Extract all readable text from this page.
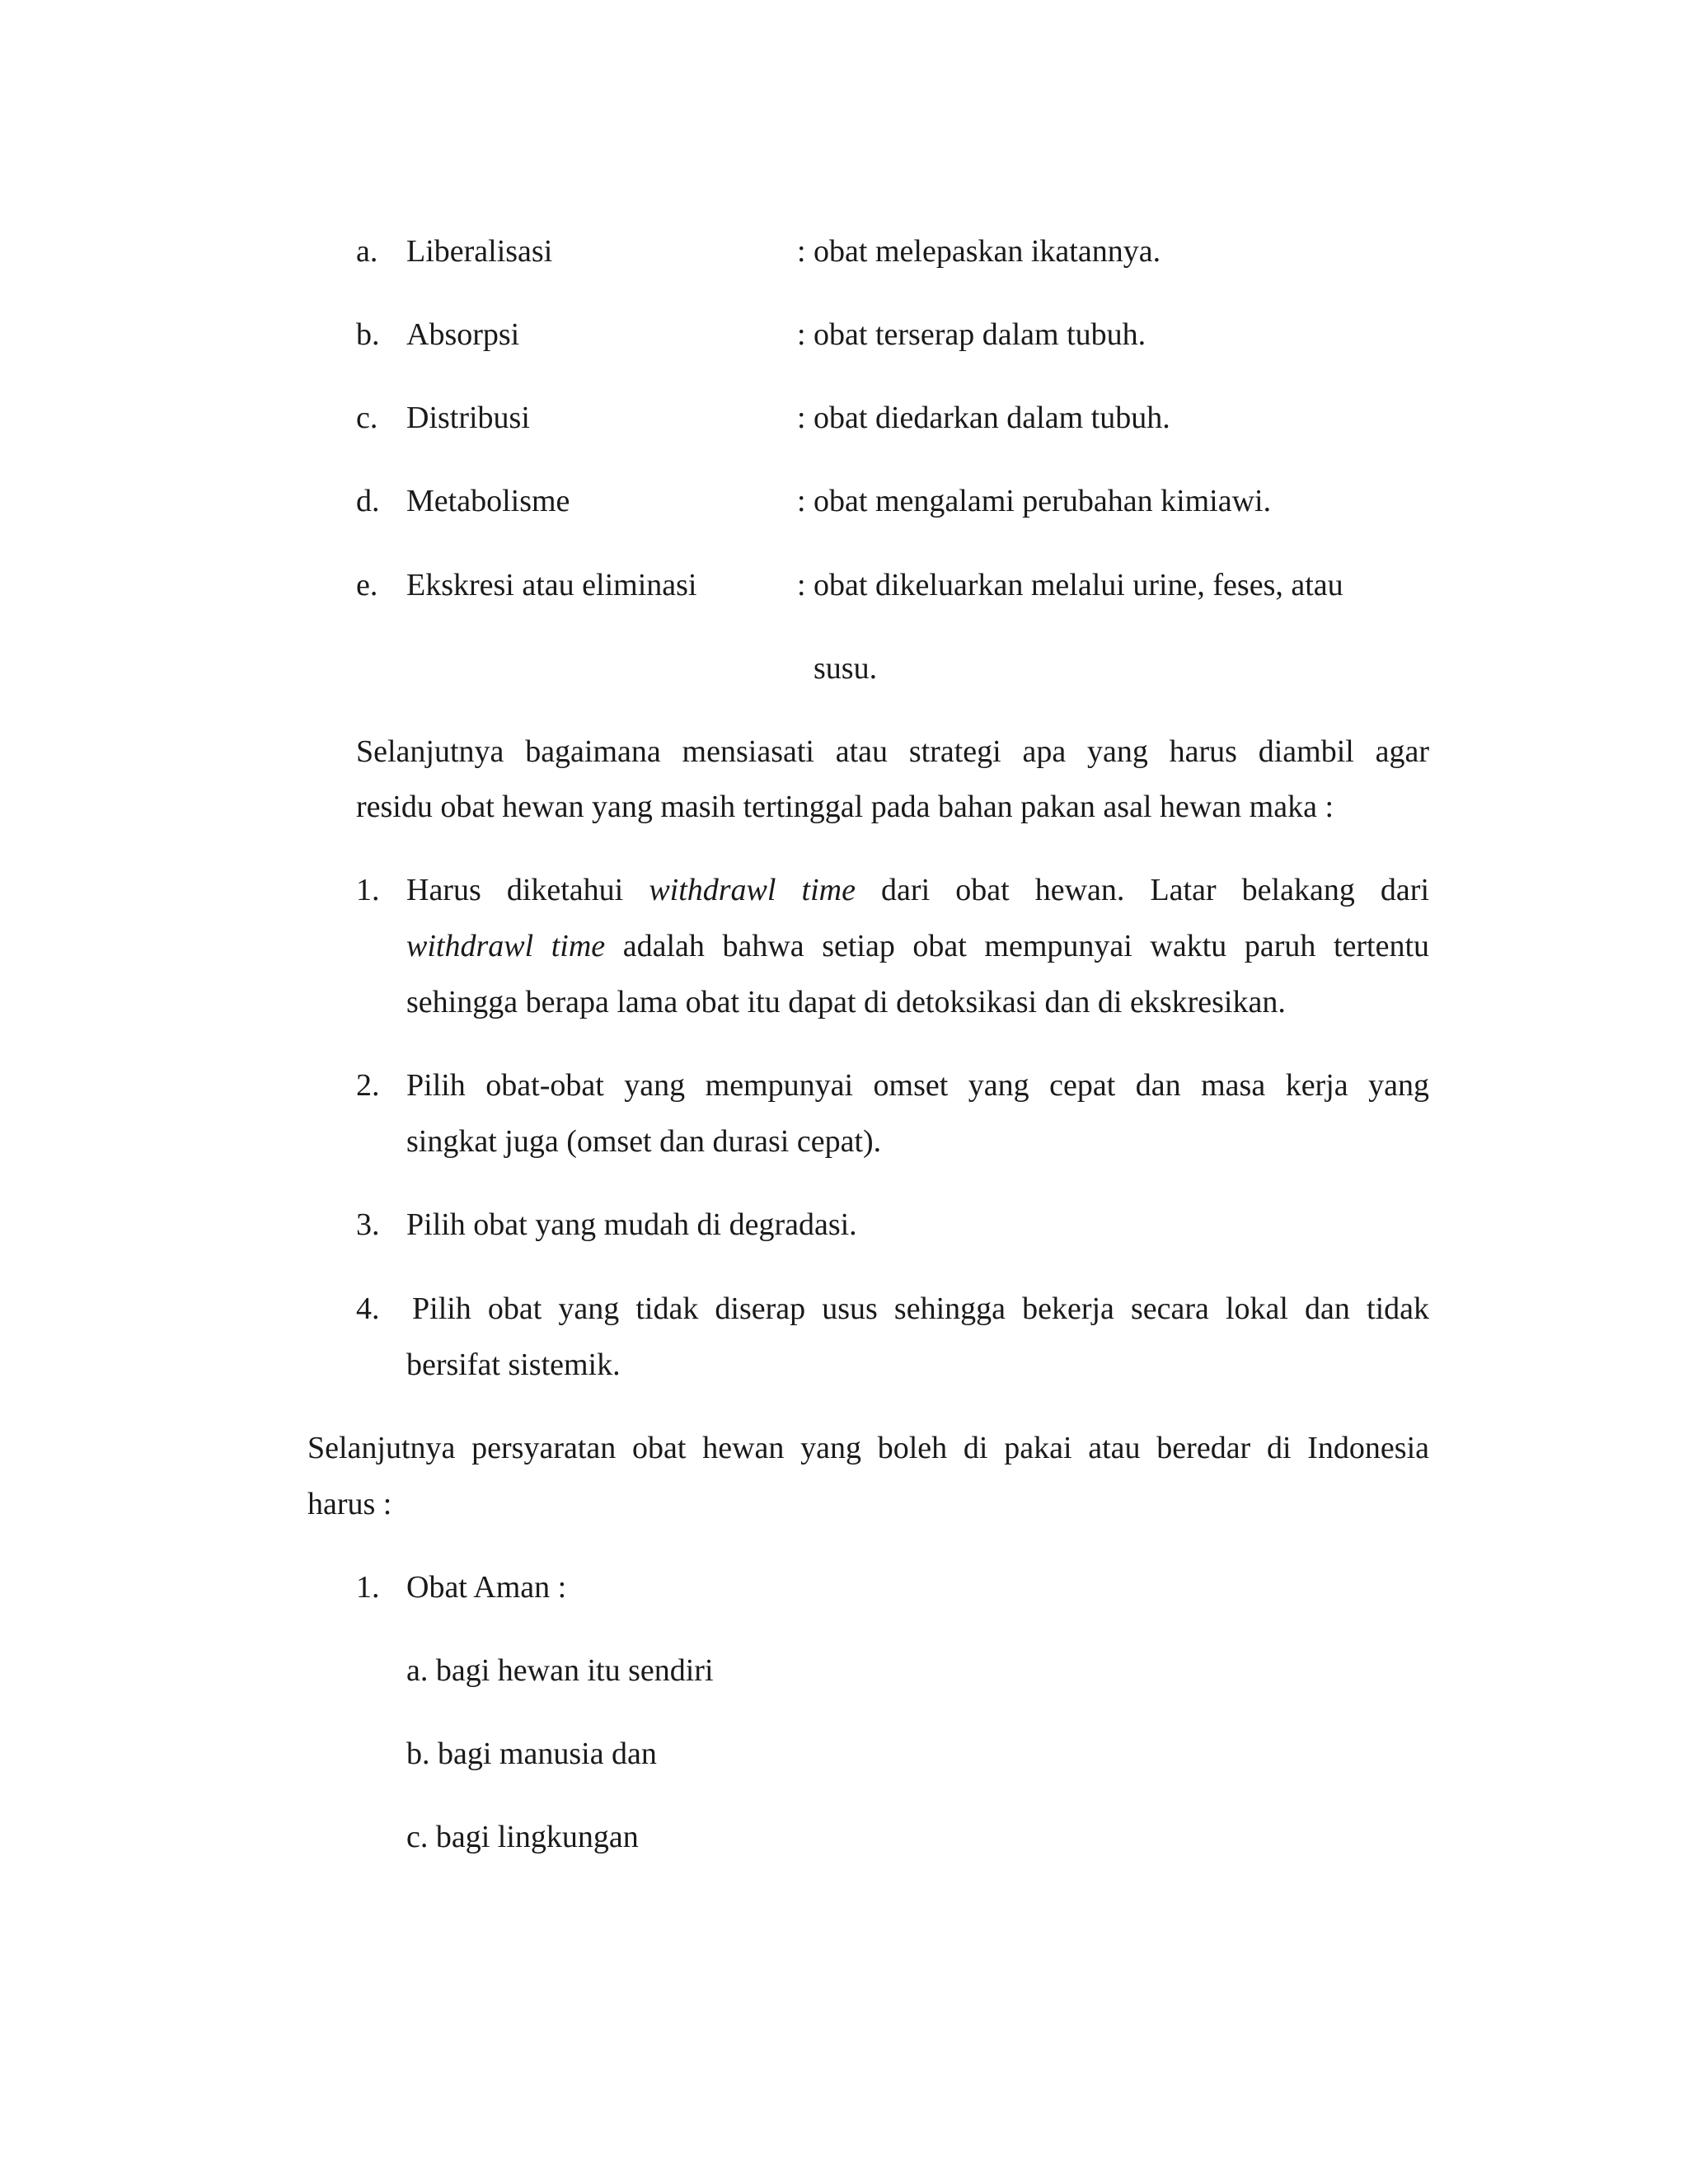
a. Liberalisasi	: obat melepaskan ikatannya.
b. Absorpsi	: obat terserap dalam tubuh.
c. Distribusi	: obat diedarkan dalam tubuh.
d. Metabolisme	: obat mengalami perubahan kimiawi.
e. Ekskresi atau eliminasi	: obat dikeluarkan melalui urine, feses, atau
susu.
Selanjutnya bagaimana mensiasati atau strategi apa yang harus diambil agar
residu obat hewan yang masih tertinggal pada bahan pakan asal hewan maka :
1. Harus diketahui withdrawl time dari obat hewan. Latar belakang dari
withdrawl time adalah bahwa setiap obat mempunyai waktu paruh tertentu
sehingga berapa lama obat itu dapat di detoksikasi dan di ekskresikan.
2. Pilih obat-obat yang mempunyai omset yang cepat dan masa kerja yang
singkat juga (omset dan durasi cepat).
3. Pilih obat yang mudah di degradasi.
4. Pilih obat yang tidak diserap usus sehingga bekerja secara lokal dan tidak
bersifat sistemik.
Selanjutnya persyaratan obat hewan yang boleh di pakai atau beredar di Indonesia
harus :
1. Obat Aman :
a. bagi hewan itu sendiri
b. bagi manusia dan
c. bagi lingkungan
